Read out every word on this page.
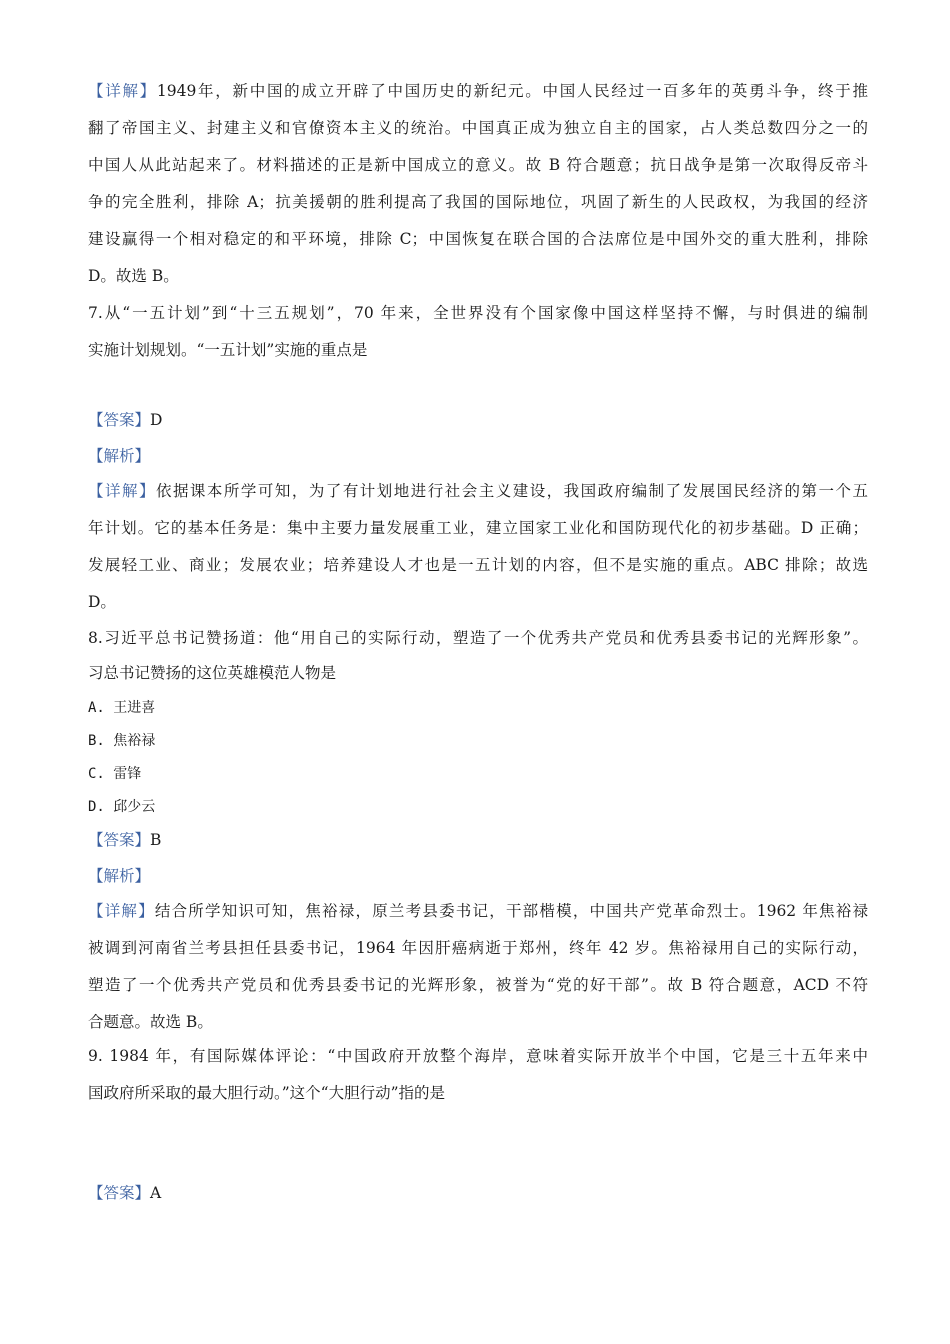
【详解】1949年，新中国的成立开辟了中国历史的新纪元。中国人民经过一百多年的英勇斗争，终于推
翻了帝国主义、封建主义和官僚资本主义的统治。中国真正成为独立自主的国家，占人类总数四分之一的
中国人从此站起来了。材料描述的正是新中国成立的意义。故 B 符合题意；抗日战争是第一次取得反帝斗
争的完全胜利，排除 A；抗美援朝的胜利提高了我国的国际地位，巩固了新生的人民政权，为我国的经济
建设赢得一个相对稳定的和平环境，排除 C；中国恢复在联合国的合法席位是中国外交的重大胜利，排除
D。故选 B。
7.从“一五计划”到“十三五规划”，70 年来，全世界没有个国家像中国这样坚持不懈，与时俱进的编制
实施计划规划。“一五计划”实施的重点是
【答案】D
【解析】
【详解】依据课本所学可知，为了有计划地进行社会主义建设，我国政府编制了发展国民经济的第一个五
年计划。它的基本任务是：集中主要力量发展重工业，建立国家工业化和国防现代化的初步基础。D 正确；
发展轻工业、商业；发展农业；培养建设人才也是一五计划的内容，但不是实施的重点。ABC 排除；故选
D。
8.习近平总书记赞扬道：他“用自己的实际行动，塑造了一个优秀共产党员和优秀县委书记的光辉形象”。
习总书记赞扬的这位英雄模范人物是
A. 王进喜
B. 焦裕禄
C. 雷锋
D. 邱少云
【答案】B
【解析】
【详解】结合所学知识可知，焦裕禄，原兰考县委书记，干部楷模，中国共产党革命烈士。1962 年焦裕禄
被调到河南省兰考县担任县委书记，1964 年因肝癌病逝于郑州，终年 42 岁。焦裕禄用自己的实际行动，
塑造了一个优秀共产党员和优秀县委书记的光辉形象，被誉为“党的好干部”。故 B 符合题意，ACD 不符
合题意。故选 B。
9. 1984 年，有国际媒体评论：“中国政府开放整个海岸，意味着实际开放半个中国，它是三十五年来中
国政府所采取的最大胆行动。”这个“大胆行动”指的是
【答案】A
